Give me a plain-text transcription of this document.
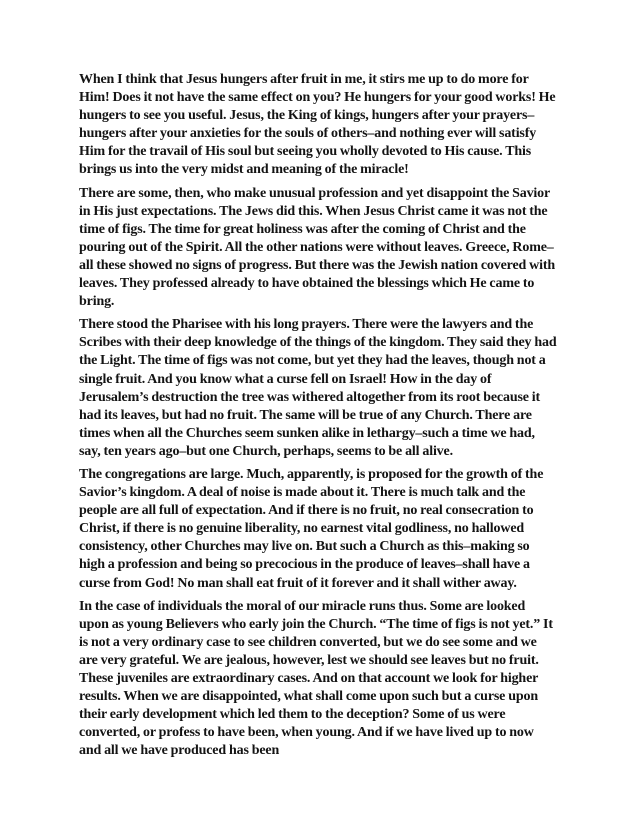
When I think that Jesus hungers after fruit in me, it stirs me up to do more for Him! Does it not have the same effect on you? He hungers for your good works! He hungers to see you useful. Jesus, the King of kings, hungers after your prayers–hungers after your anxieties for the souls of others–and nothing ever will satisfy Him for the travail of His soul but seeing you wholly devoted to His cause. This brings us into the very midst and meaning of the miracle!

There are some, then, who make unusual profession and yet disappoint the Savior in His just expectations. The Jews did this. When Jesus Christ came it was not the time of figs. The time for great holiness was after the coming of Christ and the pouring out of the Spirit. All the other nations were without leaves. Greece, Rome–all these showed no signs of progress. But there was the Jewish nation covered with leaves. They professed already to have obtained the blessings which He came to bring.

There stood the Pharisee with his long prayers. There were the lawyers and the Scribes with their deep knowledge of the things of the kingdom. They said they had the Light. The time of figs was not come, but yet they had the leaves, though not a single fruit. And you know what a curse fell on Israel! How in the day of Jerusalem’s destruction the tree was withered altogether from its root because it had its leaves, but had no fruit. The same will be true of any Church. There are times when all the Churches seem sunken alike in lethargy–such a time we had, say, ten years ago–but one Church, perhaps, seems to be all alive.

The congregations are large. Much, apparently, is proposed for the growth of the Savior’s kingdom. A deal of noise is made about it. There is much talk and the people are all full of expectation. And if there is no fruit, no real consecration to Christ, if there is no genuine liberality, no earnest vital godliness, no hallowed consistency, other Churches may live on. But such a Church as this–making so high a profession and being so precocious in the produce of leaves–shall have a curse from God! No man shall eat fruit of it forever and it shall wither away.

In the case of individuals the moral of our miracle runs thus. Some are looked upon as young Believers who early join the Church. “The time of figs is not yet.” It is not a very ordinary case to see children converted, but we do see some and we are very grateful. We are jealous, however, lest we should see leaves but no fruit. These juveniles are extraordinary cases. And on that account we look for higher results. When we are disappointed, what shall come upon such but a curse upon their early development which led them to the deception? Some of us were converted, or profess to have been, when young. And if we have lived up to now and all we have produced has been
